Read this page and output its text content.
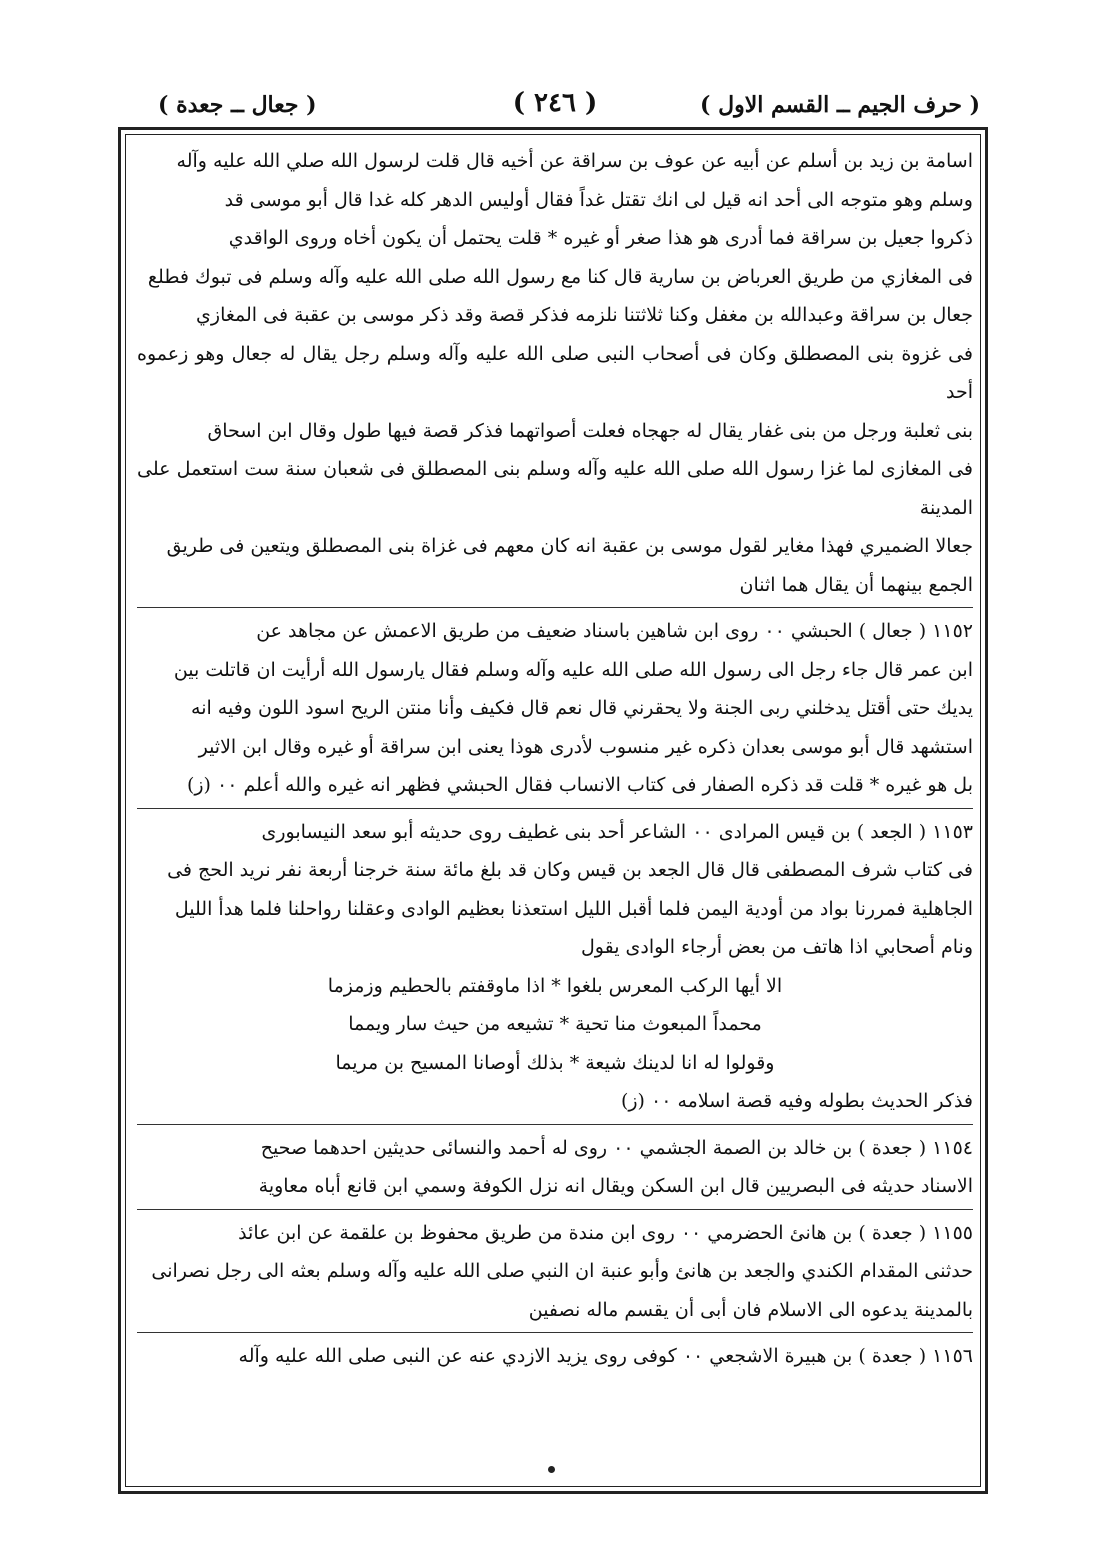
( حرف الجيم ــ القسم الاول )
( ٢٤٦ )
( جعال ــ جعدة )

اسامة بن زيد بن أسلم عن أبيه عن عوف بن سراقة عن أخيه قال قلت لرسول الله صلي الله عليه وآله

وسلم وهو متوجه الى أحد انه قيل لى انك تقتل غداً فقال أوليس الدهر كله غدا قال أبو موسى قد

ذكروا جعيل بن سراقة فما أدرى هو هذا صغر أو غيره * قلت يحتمل أن يكون أخاه وروى الواقدي

فى المغازي من طريق العرباض بن سارية قال كنا مع رسول الله صلى الله عليه وآله وسلم فى تبوك فطلع

جعال بن سراقة وعبدالله بن مغفل وكنا ثلاثتنا نلزمه فذكر قصة وقد ذكر موسى بن عقبة فى المغازي

فى غزوة بنى المصطلق وكان فى أصحاب النبى صلى الله عليه وآله وسلم رجل يقال له جعال وهو زعموه أحد

بنى ثعلبة ورجل من بنى غفار يقال له جهجاه فعلت أصواتهما فذكر قصة فيها طول وقال ابن اسحاق

فى المغازى لما غزا رسول الله صلى الله عليه وآله وسلم بنى المصطلق فى شعبان سنة ست استعمل على المدينة

جعالا الضميري فهذا مغاير لقول موسى بن عقبة انه كان معهم فى غزاة بنى المصطلق ويتعين فى طريق

الجمع بينهما أن يقال هما اثنان

١١٥٢ ( جعال ) الحبشي ٠٠ روى ابن شاهين باسناد ضعيف من طريق الاعمش عن مجاهد عن

ابن عمر قال جاء رجل الى رسول الله صلى الله عليه وآله وسلم فقال يارسول الله أرأيت ان قاتلت بين

يديك حتى أقتل يدخلني ربى الجنة ولا يحقرني قال نعم قال فكيف وأنا منتن الريح اسود اللون وفيه انه

استشهد قال أبو موسى بعدان ذكره غير منسوب لأدرى هوذا يعنى ابن سراقة أو غيره وقال ابن الاثير

بل هو غيره * قلت قد ذكره الصفار فى كتاب الانساب فقال الحبشي فظهر انه غيره والله أعلم ٠٠ (ز)

١١٥٣ ( الجعد ) بن قيس المرادى ٠٠ الشاعر أحد بنى غطيف روى حديثه أبو سعد النيسابورى

فى كتاب شرف المصطفى قال قال الجعد بن قيس وكان قد بلغ مائة سنة خرجنا أربعة نفر نريد الحج فى

الجاهلية فمررنا بواد من أودية اليمن فلما أقبل الليل استعذنا بعظيم الوادى وعقلنا رواحلنا فلما هدأ الليل

ونام أصحابي اذا هاتف من بعض أرجاء الوادى يقول

الا أيها الركب المعرس بلغوا * اذا ماوقفتم بالحطيم وزمزما
محمداً المبعوث منا تحية * تشيعه من حيث سار ويمما
وقولوا له انا لدينك شيعة * بذلك أوصانا المسيح بن مريما

فذكر الحديث بطوله وفيه قصة اسلامه ٠٠ (ز)

١١٥٤ ( جعدة ) بن خالد بن الصمة الجشمي ٠٠ روى له أحمد والنسائى حديثين احدهما صحيح

الاسناد حديثه فى البصريين قال ابن السكن ويقال انه نزل الكوفة وسمي ابن قانع أباه معاوية

١١٥٥ ( جعدة ) بن هانئ الحضرمي ٠٠ روى ابن مندة من طريق محفوظ بن علقمة عن ابن عائذ

حدثنى المقدام الكندي والجعد بن هانئ وأبو عنبة ان النبي صلى الله عليه وآله وسلم بعثه الى رجل نصرانى

بالمدينة يدعوه الى الاسلام فان أبى أن يقسم ماله نصفين

١١٥٦ ( جعدة ) بن هبيرة الاشجعي ٠٠ كوفى روى يزيد الازدي عنه عن النبى صلى الله عليه وآله
